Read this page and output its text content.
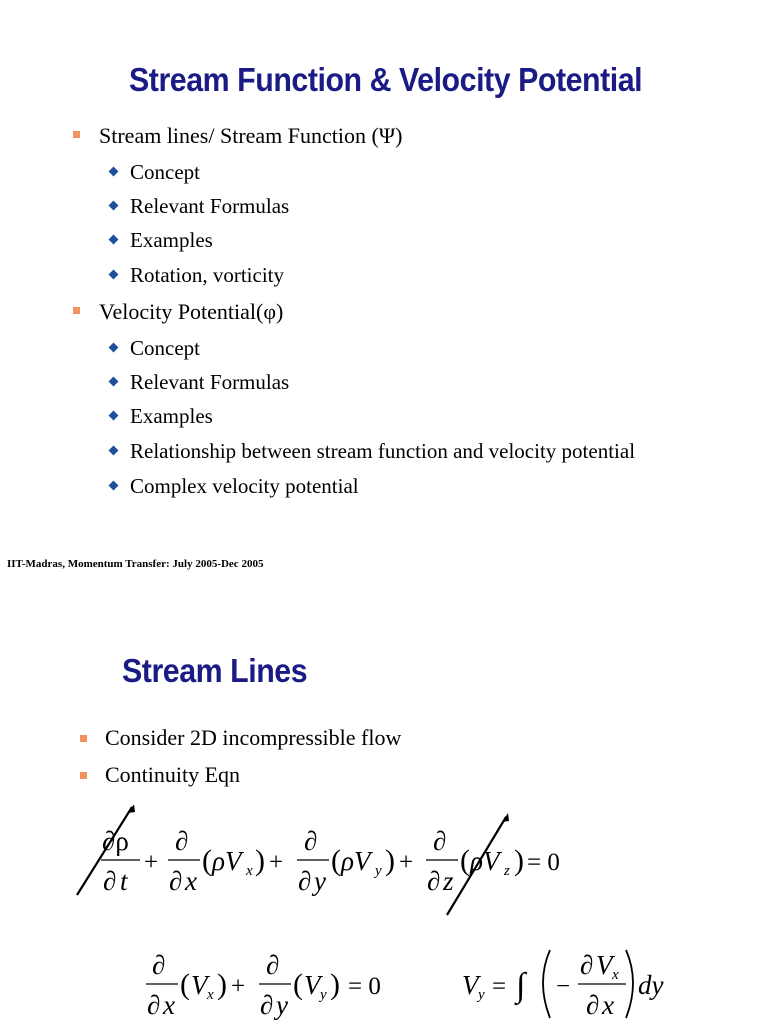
Stream Function & Velocity Potential
Stream lines/ Stream Function (Ψ)
Concept
Relevant Formulas
Examples
Rotation, vorticity
Velocity Potential(φ)
Concept
Relevant Formulas
Examples
Relationship between stream function and velocity potential
Complex velocity potential
IIT-Madras, Momentum Transfer: July 2005-Dec 2005
Stream Lines
Consider 2D incompressible flow
Continuity Eqn
∂ρ
∂ t
+
∂
∂ x
( ρV x ) +
∂
∂ y
( ρV y ) +
∂
∂ z
( ρV z ) = 0
∂
∂ x
( V x ) +
∂
∂ y
( V y ) = 0	V y = ∫ −
∂ V x
∂ x
dy
